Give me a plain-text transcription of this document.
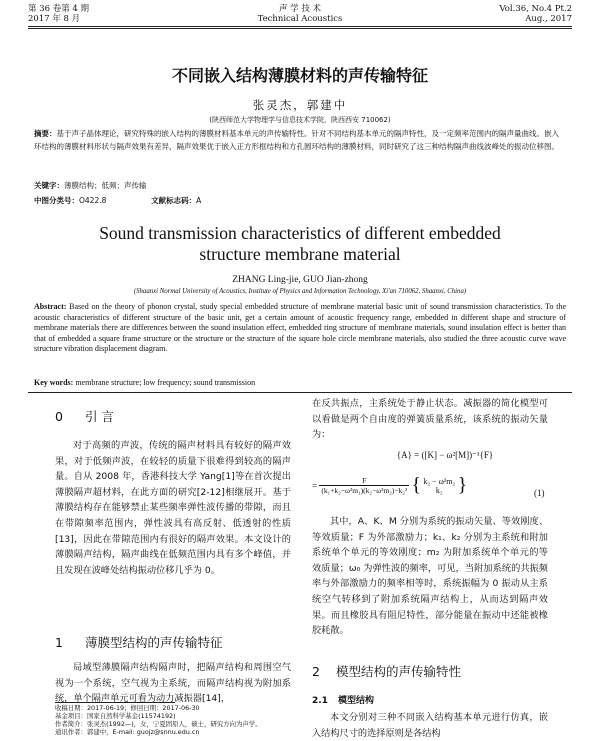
第 36 卷第 4 期
2017 年 8 月
声 学 技 术
Technical Acoustics
Vol.36, No.4 Pt.2
Aug., 2017
不同嵌入结构薄膜材料的声传输特征
张灵杰，郭建中
(陕西师范大学物理学与信息技术学院，陕西西安 710062)
摘要：基于声子晶体理论，研究特殊的嵌入结构的薄膜材料基本单元的声传输特性。针对不同结构基本单元的隔声特性，及一定频率范围内的隔声量曲线。嵌入环结构的薄膜材料形状与隔声效果有差异，隔声效果优于嵌入正方形框结构和方孔圆环结构的薄膜材料，同时研究了这三种结构隔声曲线波峰处的振动位移图。
关键字：薄膜结构；低频；声传输
中图分类号：O422.8	文献标志码：A
Sound transmission characteristics of different embedded
structure membrane material
ZHANG Ling-jie, GUO Jian-zhong
(Shaanxi Normal University of Acoustics, Institute of Physics and Information Technology, Xi'an 710062, Shaanxi, China)
Abstract: Based on the theory of phonon crystal, study special embedded structure of membrane material basic unit of sound transmission characteristics. To the acoustic characteristics of different structure of the basic unit, get a certain amount of acoustic frequency range, embedded in different shape and structure of membrane materials there are differences between the sound insulation effect, embedded ring structure of membrane materials, sound insulation effect is better than that of embedded a square frame structure or the structure or the structure of the square hole circle membrane materials, also studied the three acoustic curve wave structure vibration displacement diagram.
Key words: membrane structure; low frequency; sound transmission
0 引 言
对于高频的声波，传统的隔声材料具有较好的隔声效果，对于低频声波，在较轻的质量下很难得到较高的隔声量。自从 2008 年，香港科技大学 Yang[1]等在首次提出薄膜隔声超材料，在此方面的研究[2-12]相继展开。基于薄膜结构存在能够禁止某些频率弹性波传播的带隙，而且在带隙频率范围内，弹性波具有高反射、低透射的性质[13]，因此在带隙范围内有很好的隔声效果。本文设计的薄膜隔声结构，隔声曲线在低频范围内具有多个峰值，并且发现在波峰处结构振动位移几乎为 0。
1 薄膜型结构的声传输特征
局域型薄膜隔声结构隔声时，把隔声结构和周围空气视为一个系统，空气视为主系统，而隔声结构视为附加系统，单个隔声单元可看为动力减振器[14]，
收稿日期：2017-06-19；修回日期：2017-06-30
基金项目：国家自然科学基金(11574192)
作者简介：张灵杰(1992—)，女，宁夏固原人，硕士，研究方向为声学。
通讯作者：郭建中，E-mail: guojz@snnu.edu.cn
在反共振点，主系统处于静止状态。减振器的简化模型可以看做是两个自由度的弹簧质量系统，该系统的振动矢量为：
{A} = ([K] − ω²[M])⁻¹{F}
= $\frac{F}{\text{(k₁+k₂−ω²m₁)(k₂−ω²m₂)−k₂²}}$ { k₂ − ω²m₂
k₂ }	(1)
其中，A、K、M 分别为系统的振动矢量、等效刚度、等效质量；F 为外部激励力；k₁、k₂ 分别为主系统和附加系统单个单元的等效刚度；m₂ 为附加系统单个单元的等效质量；ω₀ 为弹性波的频率，可见，当附加系统的共振频率与外部激励力的频率相等时，系统振幅为 0 振动从主系统空气转移到了附加系统隔声结构上，从而达到隔声效果。而且橡胶具有阻尼特性，部分能量在振动中还能被橡胶耗散。
2 模型结构的声传输特性
2.1 模型结构
本文分别对三种不同嵌入结构基本单元进行仿真，嵌入结构尺寸的选择原则是各结构
